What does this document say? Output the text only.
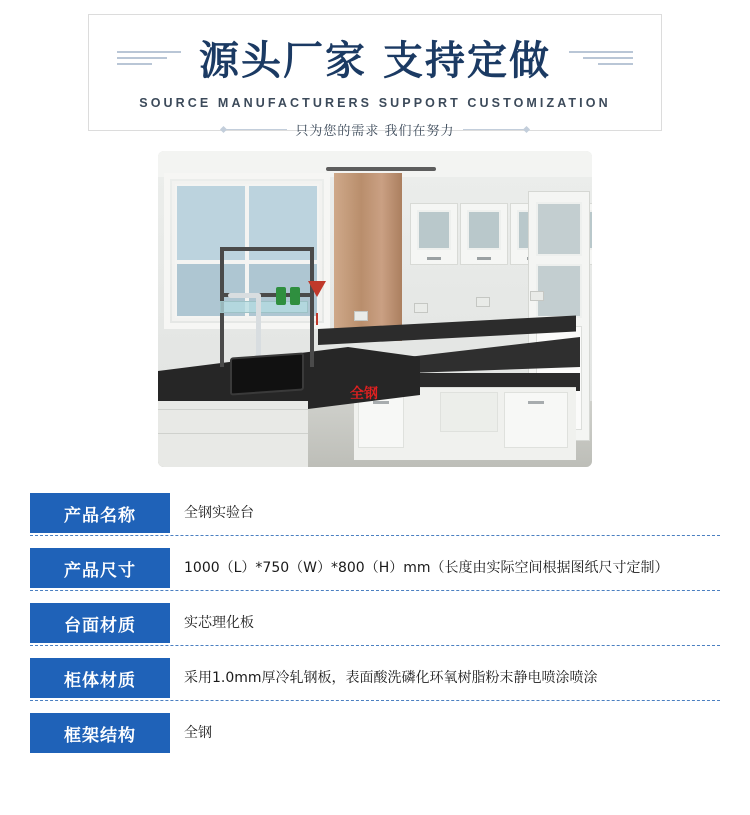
源头厂家 支持定做
SOURCE MANUFACTURERS SUPPORT CUSTOMIZATION
只为您的需求 我们在努力
全钢
产品名称	全钢实验台
产品尺寸	1000（L）*750（W）*800（H）mm（长度由实际空间根据图纸尺寸定制）
台面材质	实芯理化板
柜体材质	采用1.0mm厚冷轧钢板，表面酸洗磷化环氧树脂粉末静电喷涂喷涂
框架结构	全钢
